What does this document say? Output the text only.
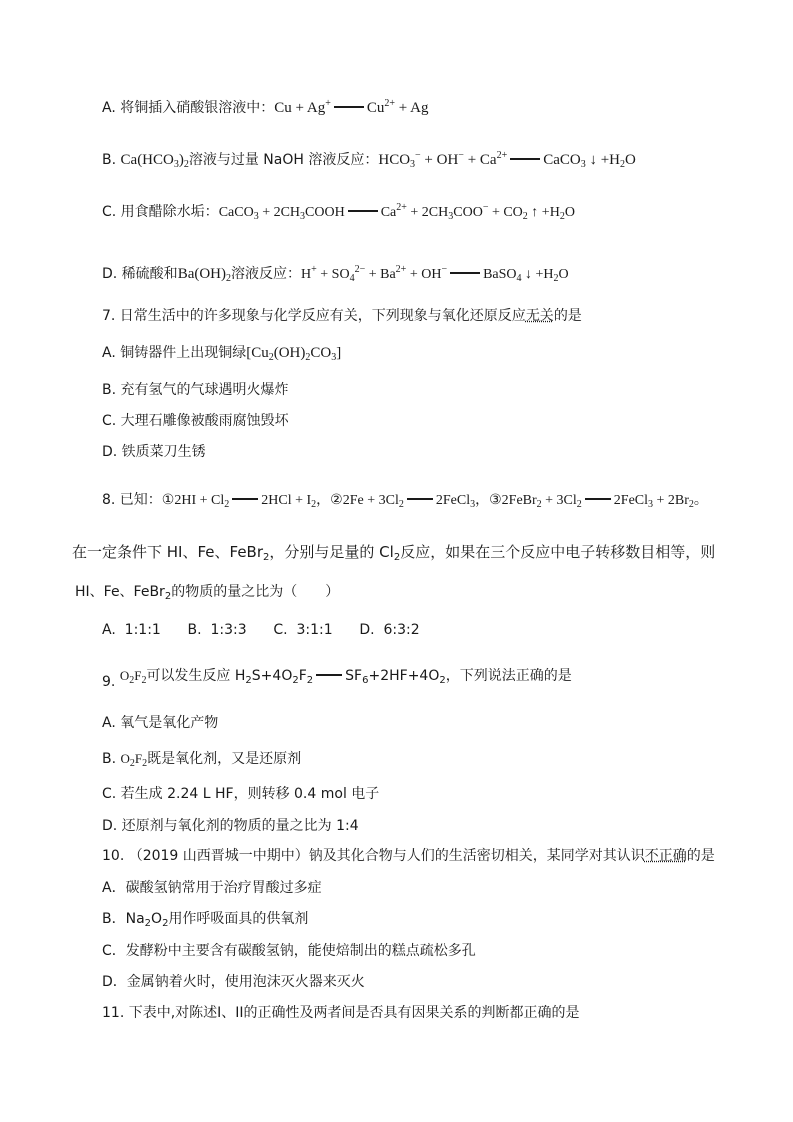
A. 将铜插入硝酸银溶液中：Cu + Ag+ $Cu^{2+} + Ag$
B. $Ca(HCO_3)_2$溶液与过量 NaOH 溶液反应：$HCO_3^- + OH^- + Ca^{2+}$ CaCO$_3$ ↓ $+H_2O$
C. 用食醋除水垢：CaCO$_3$ + $2CH_3COOH$	$Ca^{2+} + 2CH_3COO^- + CO_2$ ↑ $+H_2O$
D. 稀硫酸和$Ba(OH)_2$溶液反应：$H^+ + SO_4^{2-} + Ba^{2+} + OH^-$	BaSO$_4$ ↓ $+H_2O$
7. 日常生活中的许多现象与化学反应有关，下列现象与氧化还原反应无关的是
A. 铜铸器件上出现铜绿$[Cu_2(OH)_2CO_3]$
B. 充有氢气的气球遇明火爆炸
C. 大理石雕像被酸雨腐蚀毁坏
D. 铁质菜刀生锈
8. 已知：①2HI + $Cl_2$ $2HCl + I_2$，②2Fe + $3Cl_2$ 2FeCl$_3$，③2FeBr$_2$ + $3Cl_2$ 2FeCl$_3$ + $2Br_2$。
在一定条件下 HI、Fe、FeBr$_2$，分别与足量的 $Cl_2$反应，如果在三个反应中电子转移数目相等，则
HI、Fe、FeBr$_2$的物质的量之比为（　　）
A.  1:1:1      B.  1:3:3      C.  3:1:1      D.  6:3:2
9. $O_2F_2$可以发生反应 $H_2S+4O_2F_2$ $SF_6+2HF+4O_2$，下列说法正确的是
A. 氧气是氧化产物
B. $O_2F_2$既是氧化剂，又是还原剂
C. 若生成 2.24 L HF，则转移 0.4 mol 电子
D. 还原剂与氧化剂的物质的量之比为 1:4
10. （2019 山西晋城一中期中）钠及其化合物与人们的生活密切相关，某同学对其认识不正确的是
A．碳酸氢钠常用于治疗胃酸过多症
B．$Na_2O_2$用作呼吸面具的供氧剂
C．发酵粉中主要含有碳酸氢钠，能使焙制出的糕点疏松多孔
D．金属钠着火时，使用泡沫灭火器来灭火
11. 下表中,对陈述I、II的正确性及两者间是否具有因果关系的判断都正确的是
